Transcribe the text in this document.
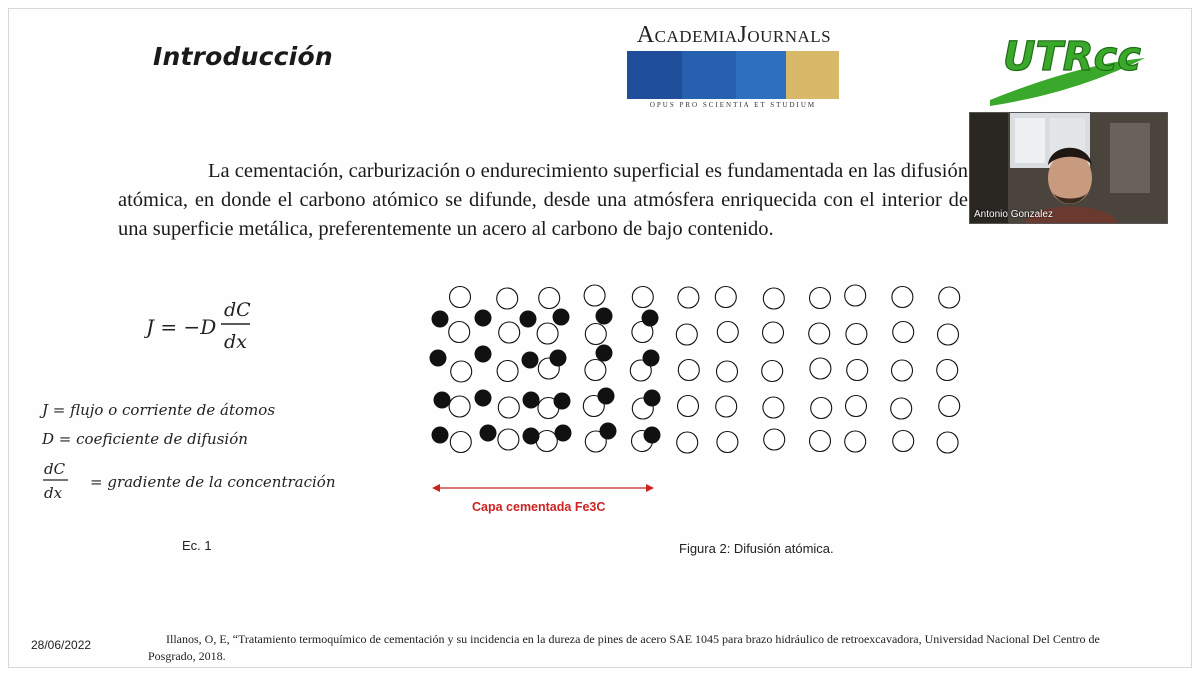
Introducción
AcademiaJournals
OPUS PRO SCIENTIA ET STUDIUM
UTRcc
Antonio Gonzalez
La cementación, carburización o endurecimiento superficial es fundamentada en las difusión atómica, en donde el carbono atómico se difunde, desde una atmósfera enriquecida con el interior de una superficie metálica, preferentemente un acero al carbono de bajo contenido.
J = −D
dC
dx
J = flujo o corriente de átomos
D = coeficiente de difusión
dC
dx
= gradiente de la concentración
Ec. 1
Capa cementada Fe3C
Figura 2: Difusión atómica.
28/06/2022	Illanos, O, E, “Tratamiento termoquímico de cementación y su incidencia en la dureza de pines de acero SAE 1045 para brazo hidráulico de retroexcavadora, Universidad Nacional Del Centro de Posgrado, 2018.
